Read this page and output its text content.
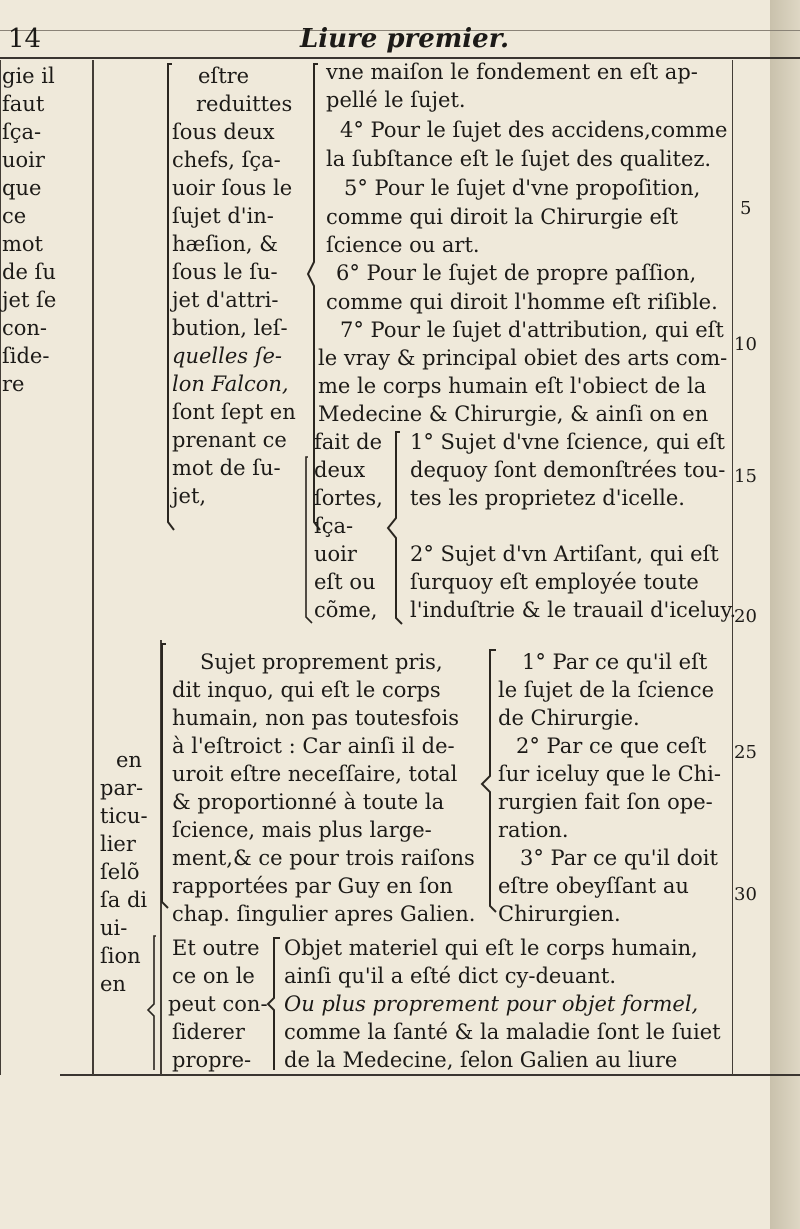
14	Liure premier.
gie il
faut
ſça-
uoir
que
ce
mot
de ſu
jet ſe
con-
ſide-
re
eſtre
reduittes
ſous deux
chefs, ſça-
uoir ſous le
ſujet d'in-
hæſion, &
ſous le ſu-
jet d'attri-
bution, leſ-
quelles ſe-
lon Falcon,
ſont ſept en
prenant ce
mot de ſu-
jet,
vne maiſon le fondement en eſt ap-
pellé le ſujet.
4° Pour le ſujet des accidens,comme
la ſubſtance eſt le ſujet des qualitez.
5° Pour le ſujet d'vne propoſition,
comme qui diroit la Chirurgie eſt
ſcience ou art.
6° Pour le ſujet de propre paſſion,
comme qui diroit l'homme eſt riſible.
7° Pour le ſujet d'attribution, qui eſt
le vray & principal obiet des arts com-
me le corps humain eſt l'obiect de la
Medecine & Chirurgie, & ainſi on en
fait de
deux
ſortes,
ſça-
uoir
eſt ou
cõme,
1° Sujet d'vne ſcience, qui eſt
dequoy ſont demonſtrées tou-
tes les proprietez d'icelle.
2° Sujet d'vn Artiſant, qui eſt
ſurquoy eſt employée toute
l'induſtrie & le trauail d'iceluy.
en
par-
ticu-
lier
ſelõ
ſa di
ui-
ſion
en
Sujet proprement pris,
dit inquo, qui eſt le corps
humain, non pas toutesfois
à l'eſtroict : Car ainſi il de-
uroit eſtre neceſſaire, total
& proportionné à toute la
ſcience, mais plus large-
ment,& ce pour trois raiſons
rapportées par Guy en ſon
chap. ſingulier apres Galien.
1° Par ce qu'il eſt
le ſujet de la ſcience
de Chirurgie.
2° Par ce que ceſt
ſur iceluy que le Chi-
rurgien fait ſon ope-
ration.
3° Par ce qu'il doit
eſtre obeyſſant au
Chirurgien.
Et outre
ce on le
peut con-
ſiderer
propre-
Objet materiel qui eſt le corps humain,
ainſi qu'il a eſté dict cy-deuant.
Ou plus proprement pour objet formel,
comme la ſanté & la maladie ſont le ſuiet
de la Medecine, ſelon Galien au liure
5
10
15
20
25
30
